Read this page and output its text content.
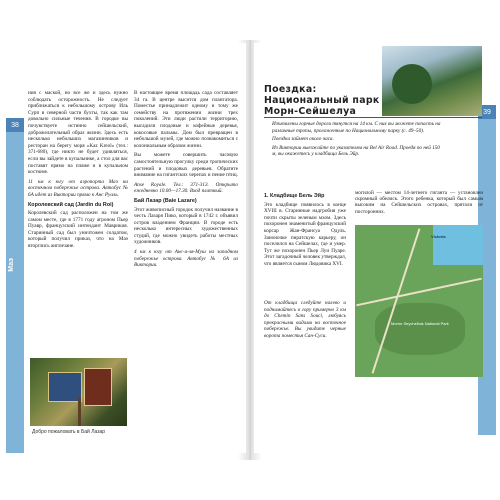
38
Маэ

ния с маской, но все же и здесь нужно соблюдать осторожность. Не следует приближаться к небольшому острову Иль Сурп в северной части бухты, так как там довольно сильные течения. В городке вы почувствуете истинно сейшельский, доброжелательный образ жизни. Здесь есть несколько небольших магазинчиков и ресторан на берегу моря «Kaz Kreol» (тел.: 371-680), где никто не будет удивляться, если вы зайдете в купальнике, а стол для вас поставят прямо на пляже и в купальном костюме.

11 км к югу от аэропорта Маэ на восточном побережье острова. Автобус № 6А идет из Виктории прямо к Анс Руаль.

Королевский сад (Jardin du Roi)

Королевский сад расположен на том же самом месте, где в 1771 году агроном Пьер Пуавр, французский интендант Маврикия. Старинный сад был уничтожен солдатом, который получил приказ, что на Маэ вторглись англичане.

В настоящее время площадь сада составляет 34 га. В центре высится дом плантатора. Поместье принадлежит одному и тому же семейству на протяжении жизни трех поколений. Эти люди растили территорию, высадили плодовые и кофейные деревья, кокосовые пальмы. Дом был превращен в небольшой музей, где можно познакомиться с колониальным образом жизни.

Вы можете совершить часовую самостоятельную прогулку среди тропических растений и плодовых деревьев. Обратите внимание на гигантских черепах и пение птиц.

Anse Royale. Тел.: 371-313. Открыто ежедневно 10.00—17.30. Вход платный.

Бай Лазар (Baie Lazare)

Этот живописный городок получил название в честь Лазаря Пико, который в 1742 г. объявил остров владением Франции. В городе есть несколько интересных художественных студий, где можно увидеть работы местных художников.

4 км к югу от Анс-а-ля-Муш на западном побережье острова. Автобус № 6А из Виктории.

Добро пожаловать в Бай Лазар
39
Поездка:
Национальный парк
Морн-Сейшелуа

Изъязвлены горные дороги тянутся на 14 км. С них вы можете попасть на различные тропы, проложенные по Национальному парку (с. 49–50).

Поездка займет около часа.

Из Виктории выезжайте по указателям на Bel Air Road. Проедя по ней 150 м, вы окажетесь у кладбища Бель Эйр.

1. Кладбище Бель Эйр

Это кладбище появилось в конце XVIII в. Старинные надгробия уже почти скрыты зеленым мхом. Здесь похоронен знаменитый французский корсар Жан-Франсуа Одуль. Заноночке пиратскую карьеру, он поселился на Сейшелах, где и умер. Тут же похоронен Пьер Луи Пуаре. Этот загадочный человек утверждал, что является сыном Людовика XVI.

могилой — местом 14-летнего гиганта — установлен скромный обелиск. Этого ребенка, который был самым высоким на Сейшельских островах, прятали от посторонних.

Victoria
Morne Seychellois National Park

От кладбища следуйте налево и поднимайтесь в гору примерно 3 км до Chemin Sans Souci, любуясь прекрасными видами на восточное побережье. Вы увидите черные ворота поместья Сан-Суси.
